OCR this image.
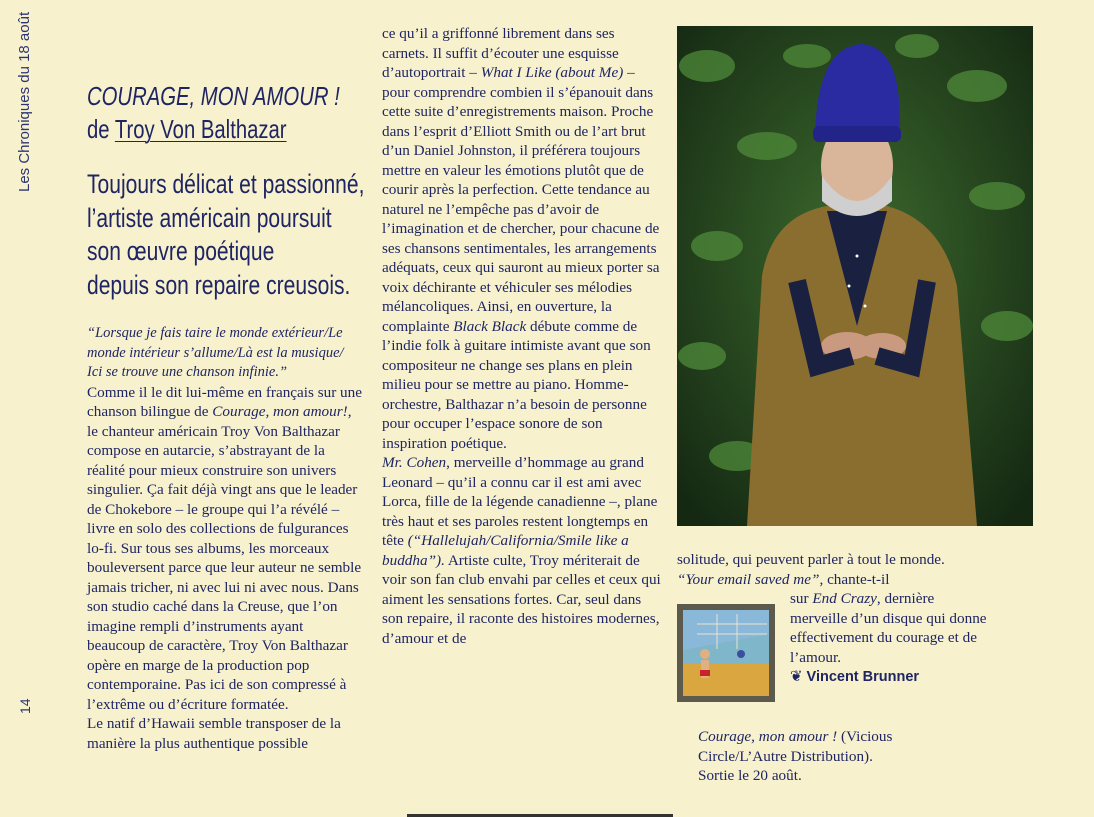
Les Chroniques du 18 août
14
COURAGE, MON AMOUR !
de Troy Von Balthazar
Toujours délicat et passionné,
l’artiste américain poursuit
son œuvre poétique
depuis son repaire creusois.
“Lorsque je fais taire le monde extérieur/Le monde intérieur s’allume/Là est la musique/ Ici se trouve une chanson infinie.”

Comme il le dit lui-même en français sur une chanson bilingue de Courage, mon amour!, le chanteur américain Troy Von Balthazar compose en autarcie, s’abstrayant de la réalité pour mieux construire son univers singulier. Ça fait déjà vingt ans que le leader de Chokebore – le groupe qui l’a révélé – livre en solo des collections de fulgurances lo-fi. Sur tous ses albums, les morceaux bouleversent parce que leur auteur ne semble jamais tricher, ni avec lui ni avec nous. Dans son studio caché dans la Creuse, que l’on imagine rempli d’instruments ayant beaucoup de caractère, Troy Von Balthazar opère en marge de la production pop contemporaine. Pas ici de son compressé à l’extrême ou d’écriture formatée.

Le natif d’Hawaii semble transposer de la manière la plus authentique possible

ce qu’il a griffonné librement dans ses carnets. Il suffit d’écouter une esquisse d’autoportrait – What I Like (about Me) – pour comprendre combien il s’épanouit dans cette suite d’enregistrements maison. Proche dans l’esprit d’Elliott Smith ou de l’art brut d’un Daniel Johnston, il préférera toujours mettre en valeur les émotions plutôt que de courir après la perfection. Cette tendance au naturel ne l’empêche pas d’avoir de l’imagination et de chercher, pour chacune de ses chansons sentimentales, les arrangements adéquats, ceux qui sauront au mieux porter sa voix déchirante et véhiculer ses mélodies mélancoliques. Ainsi, en ouverture, la complainte Black Black débute comme de l’indie folk à guitare intimiste avant que son compositeur ne change ses plans en plein milieu pour se mettre au piano. Homme-orchestre, Balthazar n’a besoin de personne pour occuper l’espace sonore de son inspiration poétique.
Mr. Cohen, merveille d’hommage au grand Leonard – qu’il a connu car il est ami avec Lorca, fille de la légende canadienne –, plane très haut et ses paroles restent longtemps en tête (“Hallelujah/California/Smile like a buddha”). Artiste culte, Troy mériterait de voir son fan club envahi par celles et ceux qui aiment les sensations fortes. Car, seul dans son repaire, il raconte des histoires modernes, d’amour et de

solitude, qui peuvent parler à tout le monde. “Your email saved me”, chante-t-il

sur End Crazy, dernière merveille d’un disque qui donne effectivement du courage et de l’amour.

❦ Vincent Brunner

Courage, mon amour ! (Vicious Circle/L’Autre Distribution).

Sortie le 20 août.
